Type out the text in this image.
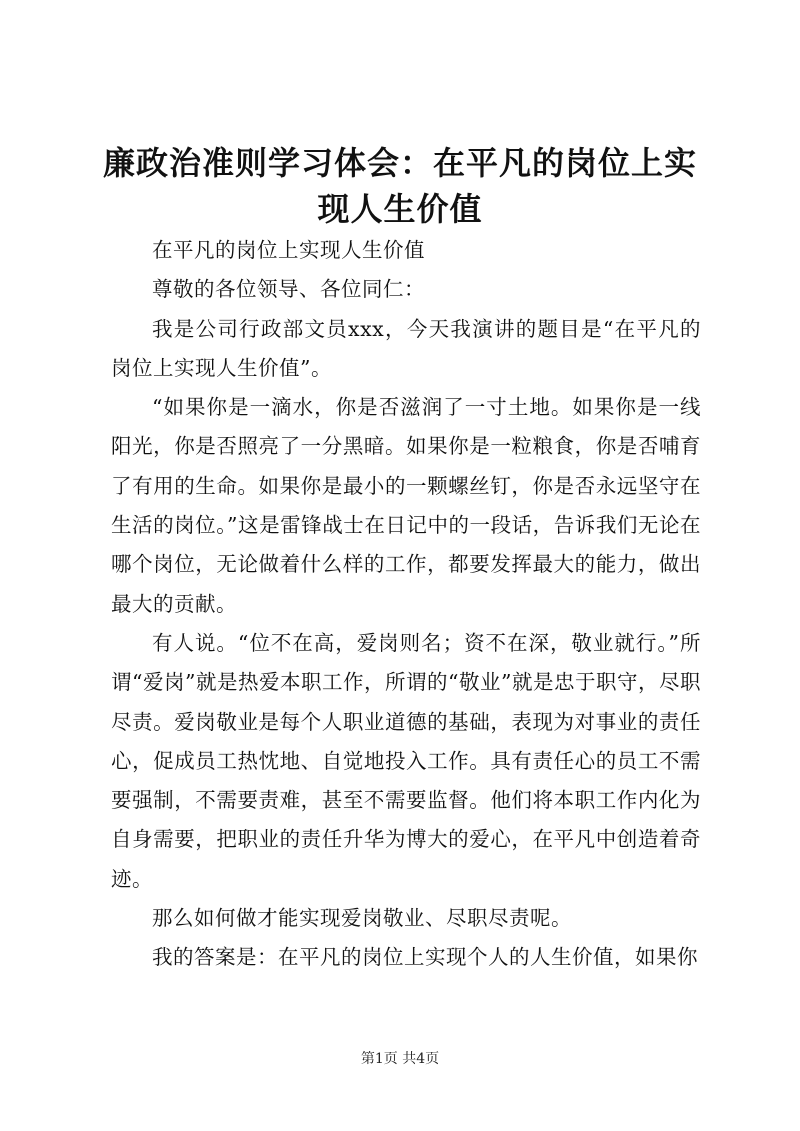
廉政治准则学习体会：在平凡的岗位上实现人生价值

在平凡的岗位上实现人生价值

尊敬的各位领导、各位同仁：

我是公司行政部文员xxx，今天我演讲的题目是“在平凡的岗位上实现人生价值”。

“如果你是一滴水，你是否滋润了一寸土地。如果你是一线阳光，你是否照亮了一分黑暗。如果你是一粒粮食，你是否哺育了有用的生命。如果你是最小的一颗螺丝钉，你是否永远坚守在生活的岗位。”这是雷锋战士在日记中的一段话，告诉我们无论在哪个岗位，无论做着什么样的工作，都要发挥最大的能力，做出最大的贡献。

有人说。“位不在高，爱岗则名；资不在深，敬业就行。”所谓“爱岗”就是热爱本职工作，所谓的“敬业”就是忠于职守，尽职尽责。爱岗敬业是每个人职业道德的基础，表现为对事业的责任心，促成员工热忱地、自觉地投入工作。具有责任心的员工不需要强制，不需要责难，甚至不需要监督。他们将本职工作内化为自身需要，把职业的责任升华为博大的爱心，在平凡中创造着奇迹。

那么如何做才能实现爱岗敬业、尽职尽责呢。

我的答案是：在平凡的岗位上实现个人的人生价值，如果你

第1页 共4页
